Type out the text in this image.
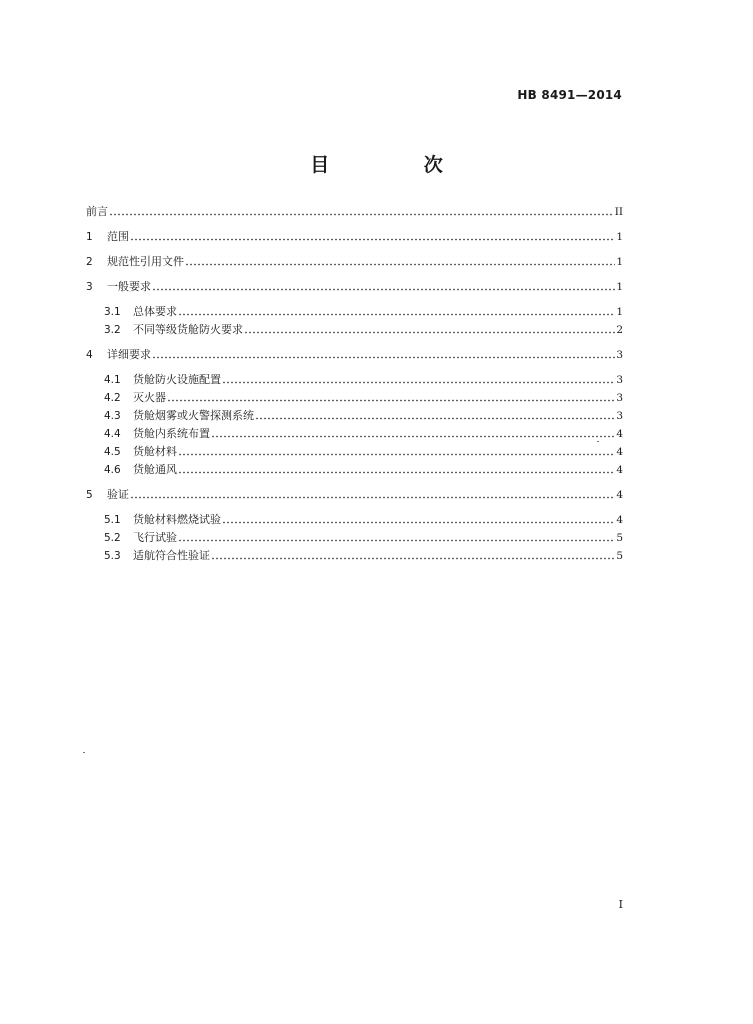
HB 8491—2014
目 次
前言	II
1	范围	1
2	规范性引用文件	1
3	一般要求	1
3.1	总体要求	1
3.2	不同等级货舱防火要求	2
4	详细要求	3
4.1	货舱防火设施配置	3
4.2	灭火器	3
4.3	货舱烟雾或火警探测系统	3
4.4	货舱内系统布置	4
4.5	货舱材料	4
4.6	货舱通风	4
5	验证	4
5.1	货舱材料燃烧试验	4
5.2	飞行试验	5
5.3	适航符合性验证	5
I
